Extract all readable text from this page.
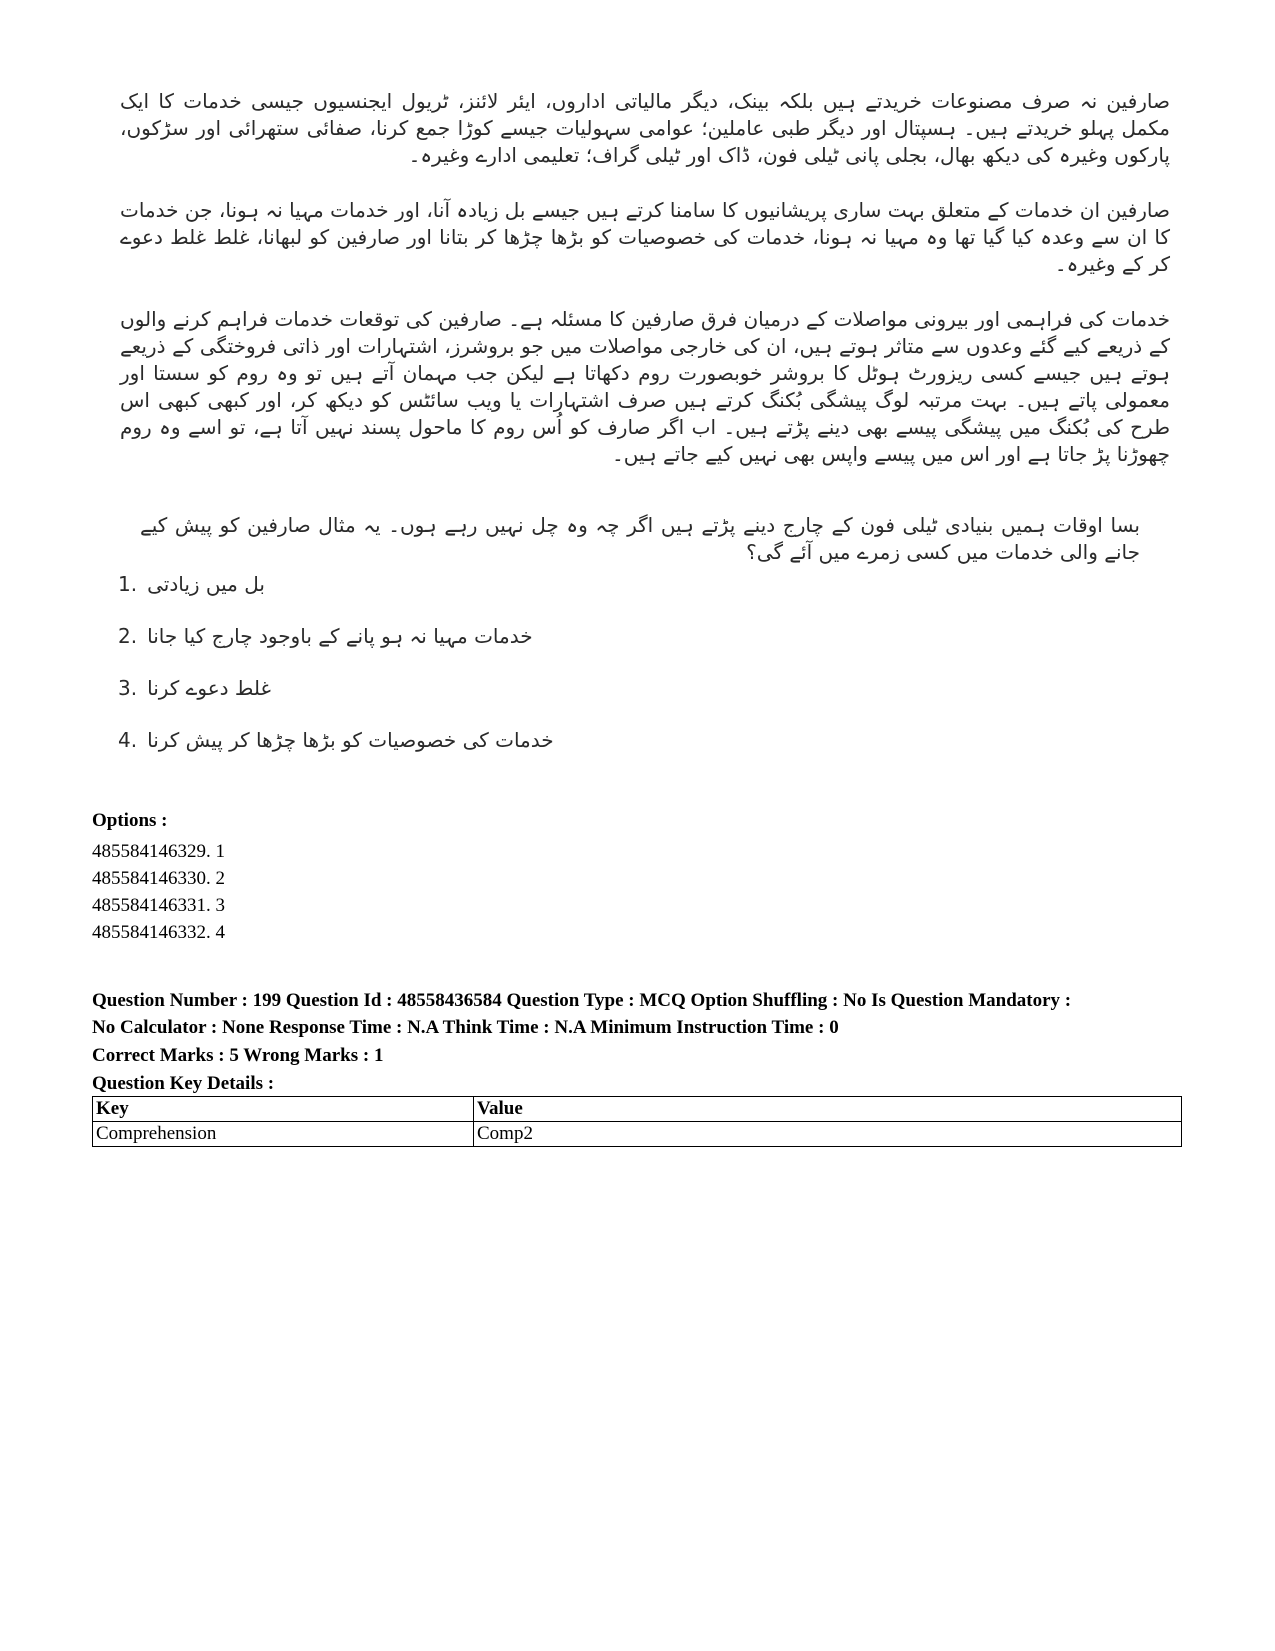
صارفین نہ صرف مصنوعات خریدتے ہیں بلکہ بینک، دیگر مالیاتی اداروں، ایئر لائنز، ٹریول ایجنسیوں جیسی خدمات کا ایک مکمل پہلو خریدتے ہیں۔ ہسپتال اور دیگر طبی عاملین؛ عوامی سہولیات جیسے کوڑا جمع کرنا، صفائی ستھرائی اور سڑکوں، پارکوں وغیرہ کی دیکھ بھال، بجلی پانی ٹیلی فون، ڈاک اور ٹیلی گراف؛ تعلیمی ادارے وغیرہ۔

صارفین ان خدمات کے متعلق بہت ساری پریشانیوں کا سامنا کرتے ہیں جیسے بل زیادہ آنا، اور خدمات مہیا نہ ہونا، جن خدمات کا ان سے وعدہ کیا گیا تھا وہ مہیا نہ ہونا، خدمات کی خصوصیات کو بڑھا چڑھا کر بتانا اور صارفین کو لبھانا، غلط غلط دعوے کر کے وغیرہ۔

خدمات کی فراہمی اور بیرونی مواصلات کے درمیان فرق صارفین کا مسئلہ ہے۔ صارفین کی توقعات خدمات فراہم کرنے والوں کے ذریعے کیے گئے وعدوں سے متاثر ہوتے ہیں، ان کی خارجی مواصلات میں جو بروشرز، اشتہارات اور ذاتی فروختگی کے ذریعے ہوتے ہیں جیسے کسی ریزورٹ ہوٹل کا بروشر خوبصورت روم دکھاتا ہے لیکن جب مہمان آتے ہیں تو وہ روم کو سستا اور معمولی پاتے ہیں۔ بہت مرتبہ لوگ پیشگی بُکنگ کرتے ہیں صرف اشتہارات یا ویب سائٹس کو دیکھ کر، اور کبھی کبھی اس طرح کی بُکنگ میں پیشگی پیسے بھی دینے پڑتے ہیں۔ اب اگر صارف کو اُس روم کا ماحول پسند نہیں آتا ہے، تو اسے وہ روم چھوڑنا پڑ جاتا ہے اور اس میں پیسے واپس بھی نہیں کیے جاتے ہیں۔

بسا اوقات ہمیں بنیادی ٹیلی فون کے چارج دینے پڑتے ہیں اگر چہ وہ چل نہیں رہے ہوں۔ یہ مثال صارفین کو پیش کیے جانے والی خدمات میں کسی زمرے میں آئے گی؟

1. بل میں زیادتی
2. خدمات مہیا نہ ہو پانے کے باوجود چارج کیا جانا
3. غلط دعوے کرنا
4. خدمات کی خصوصیات کو بڑھا چڑھا کر پیش کرنا

Options :

485584146329. 1
485584146330. 2
485584146331. 3
485584146332. 4

Question Number : 199 Question Id : 48558436584 Question Type : MCQ Option Shuffling : No Is Question Mandatory :

No Calculator : None Response Time : N.A Think Time : N.A Minimum Instruction Time : 0

Correct Marks : 5 Wrong Marks : 1

Question Key Details :

Key	Value
Comprehension	Comp2
